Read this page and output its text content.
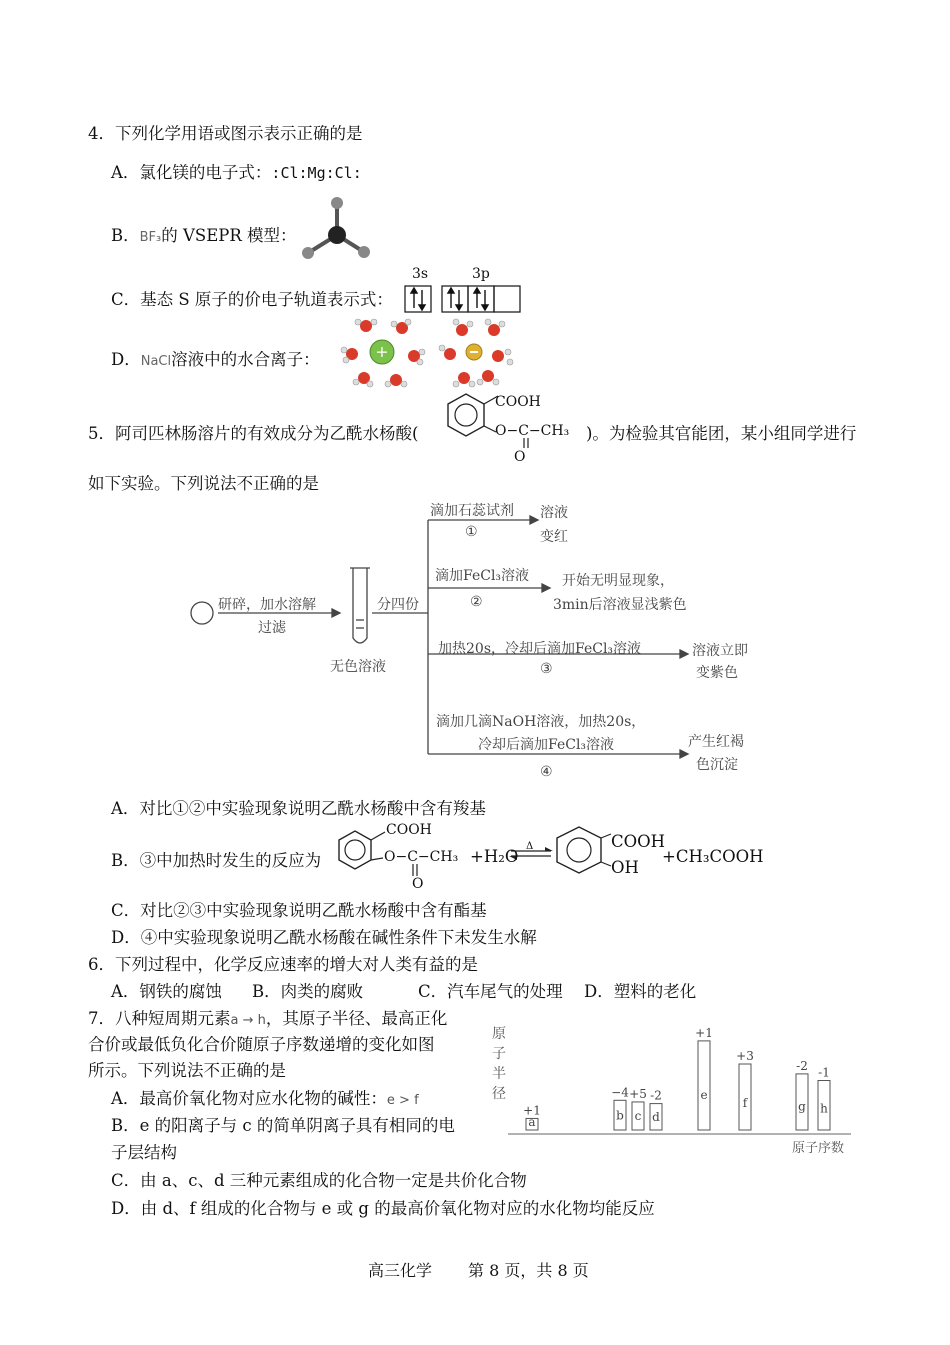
4．下列化学用语或图示表示正确的是
A．氯化镁的电子式：:Cl:Mg:Cl:
B．BF₃的 VSEPR 模型：
C．基态 S 原子的价电子轨道表示式：
3s	3p
D．NaCl溶液中的水合离子：	+
5．阿司匹林肠溶片的有效成分为乙酰水杨酸(
COOH
O−C−CH₃
O
)。为检验其官能团，某小组同学进行
如下实验。下列说法不正确的是
研碎，加水溶解
过滤
分四份
无色溶液
滴加石蕊试剂
①
溶液
变红
滴加FeCl₃溶液
②
开始无明显现象，
3min后溶液显浅紫色
加热20s，冷却后滴加FeCl₃溶液
③
溶液立即
变紫色
滴加几滴NaOH溶液，加热20s，
冷却后滴加FeCl₃溶液
④
产生红褐
色沉淀
A．对比①②中实验现象说明乙酰水杨酸中含有羧基
B．③中加热时发生的反应为
COOH
O−C−CH₃
O
+H₂O
Δ	COOH
OH
+CH₃COOH
C．对比②③中实验现象说明乙酰水杨酸中含有酯基
D．④中实验现象说明乙酰水杨酸在碱性条件下未发生水解
6．下列过程中，化学反应速率的增大对人类有益的是
A．钢铁的腐蚀 B．肉类的腐败	C．汽车尾气的处理 D．塑料的老化
7．八种短周期元素a → h，其原子半径、最高正化
合价或最低负化合价随原子序数递增的变化如图
所示。下列说法不正确的是
A．最高价氧化物对应水化物的碱性：e > f
B．e 的阳离子与 c 的简单阴离子具有相同的电
子层结构
C．由 a、c、d 三种元素组成的化合物一定是共价化合物
D．由 d、f 组成的化合物与 e 或 g 的最高价氧化物对应的水化物均能反应
原
子
半
径
原子序数
a
+1	b
−4
c
+5
d
-2	e
+1
f
+3
g
-2
h
-1
高三化学 第 8 页，共 8 页
